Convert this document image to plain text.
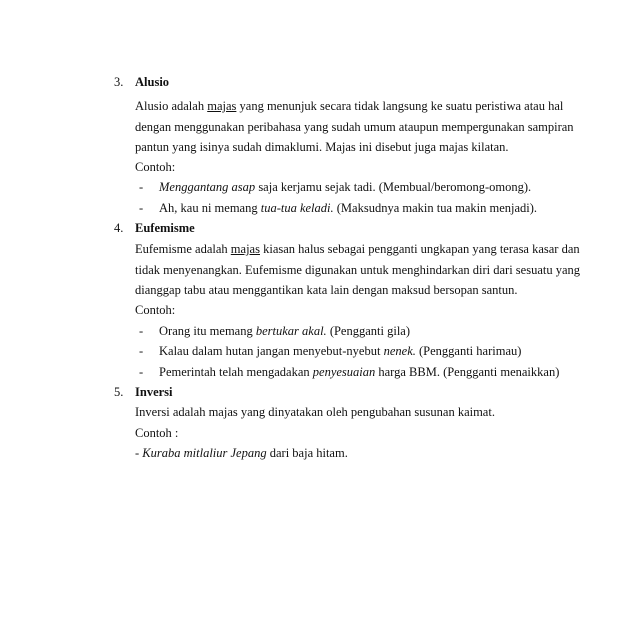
3. Alusio
Alusio adalah majas yang menunjuk secara tidak langsung ke suatu peristiwa atau hal
dengan menggunakan peribahasa yang sudah umum ataupun mempergunakan sampiran
pantun yang isinya sudah dimaklumi. Majas ini disebut juga majas kilatan.
Contoh:
- Menggantang asap saja kerjamu sejak tadi. (Membual/beromong-omong).
- Ah, kau ni memang tua-tua keladi. (Maksudnya makin tua makin menjadi).
4. Eufemisme
Eufemisme adalah majas kiasan halus sebagai pengganti ungkapan yang terasa kasar dan
tidak menyenangkan. Eufemisme digunakan untuk menghindarkan diri dari sesuatu yang
dianggap tabu atau menggantikan kata lain dengan maksud bersopan santun.
Contoh:
- Orang itu memang bertukar akal. (Pengganti gila)
- Kalau dalam hutan jangan menyebut-nyebut nenek. (Pengganti harimau)
- Pemerintah telah mengadakan penyesuaian harga BBM. (Pengganti menaikkan)
5. Inversi
Inversi adalah majas yang dinyatakan oleh pengubahan susunan kaimat.
Contoh :
- Kuraba mitlaliur Jepang dari baja hitam.
